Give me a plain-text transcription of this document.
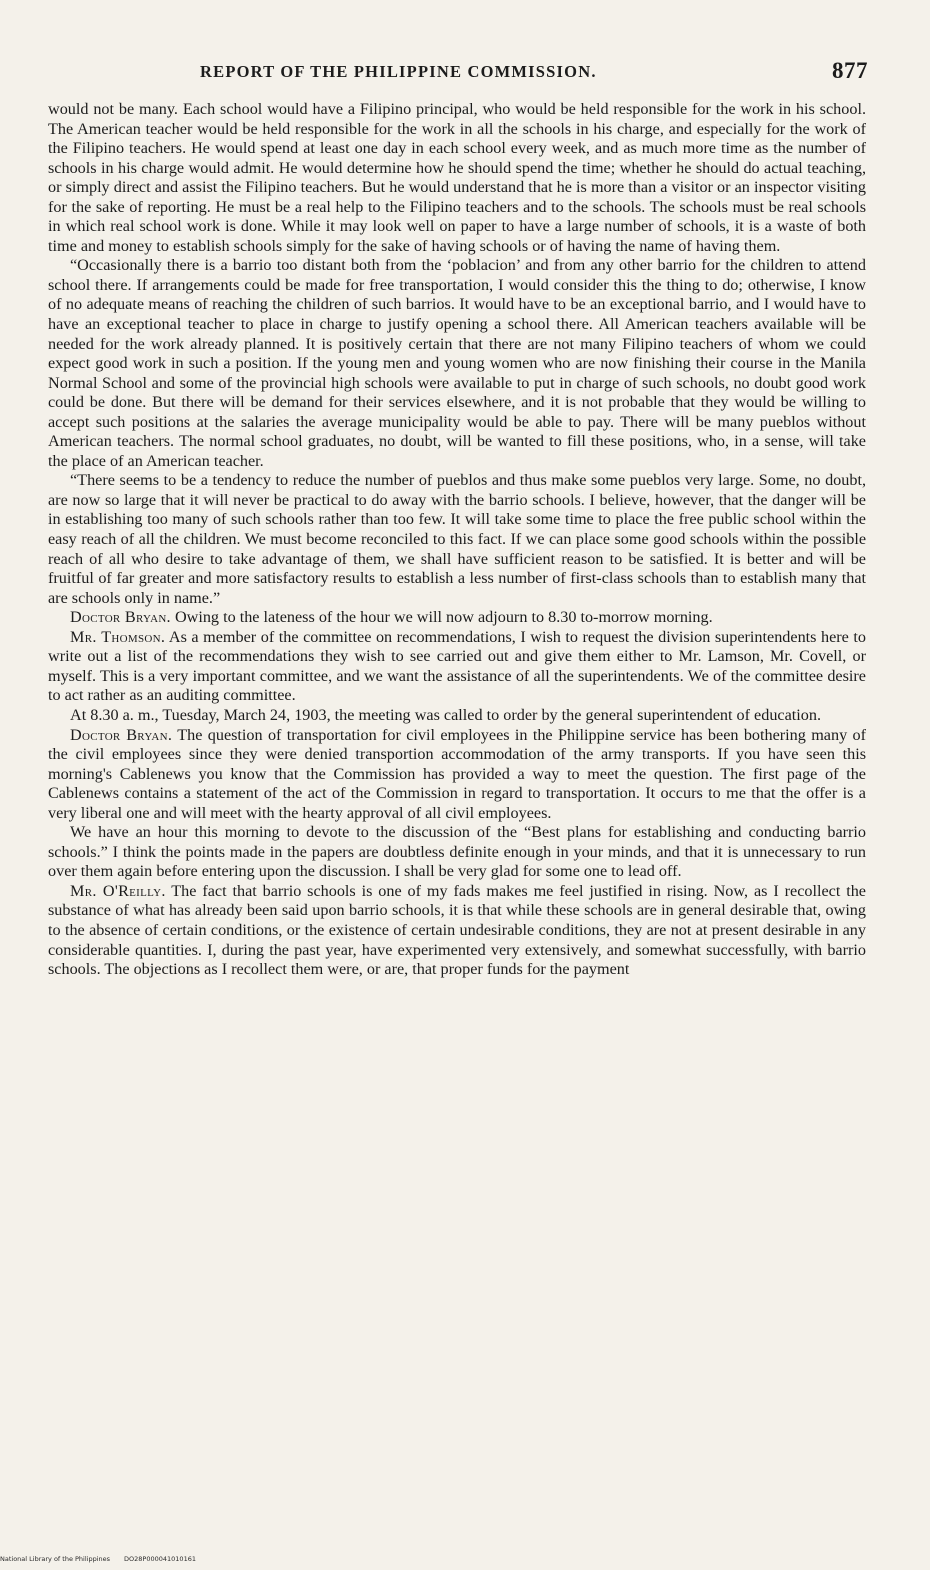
REPORT OF THE PHILIPPINE COMMISSION.	877

would not be many. Each school would have a Filipino principal, who would be held responsible for the work in his school. The American teacher would be held responsible for the work in all the schools in his charge, and especially for the work of the Filipino teachers. He would spend at least one day in each school every week, and as much more time as the number of schools in his charge would admit. He would determine how he should spend the time; whether he should do actual teaching, or simply direct and assist the Filipino teachers. But he would understand that he is more than a visitor or an inspector visiting for the sake of reporting. He must be a real help to the Filipino teachers and to the schools. The schools must be real schools in which real school work is done. While it may look well on paper to have a large number of schools, it is a waste of both time and money to establish schools simply for the sake of having schools or of having the name of having them.

“Occasionally there is a barrio too distant both from the ‘poblacion’ and from any other barrio for the children to attend school there. If arrangements could be made for free transportation, I would consider this the thing to do; otherwise, I know of no adequate means of reaching the children of such barrios. It would have to be an exceptional barrio, and I would have to have an exceptional teacher to place in charge to justify opening a school there. All American teachers available will be needed for the work already planned. It is positively certain that there are not many Filipino teachers of whom we could expect good work in such a position. If the young men and young women who are now finishing their course in the Manila Normal School and some of the provincial high schools were available to put in charge of such schools, no doubt good work could be done. But there will be demand for their services elsewhere, and it is not probable that they would be willing to accept such positions at the salaries the average municipality would be able to pay. There will be many pueblos without American teachers. The normal school graduates, no doubt, will be wanted to fill these positions, who, in a sense, will take the place of an American teacher.

“There seems to be a tendency to reduce the number of pueblos and thus make some pueblos very large. Some, no doubt, are now so large that it will never be practical to do away with the barrio schools. I believe, however, that the danger will be in establishing too many of such schools rather than too few. It will take some time to place the free public school within the easy reach of all the children. We must become reconciled to this fact. If we can place some good schools within the possible reach of all who desire to take advantage of them, we shall have sufficient reason to be satisfied. It is better and will be fruitful of far greater and more satisfactory results to establish a less number of first-class schools than to establish many that are schools only in name.”

Doctor Bryan. Owing to the lateness of the hour we will now adjourn to 8.30 to-morrow morning.

Mr. Thomson. As a member of the committee on recommendations, I wish to request the division superintendents here to write out a list of the recommendations they wish to see carried out and give them either to Mr. Lamson, Mr. Covell, or myself. This is a very important committee, and we want the assistance of all the superintendents. We of the committee desire to act rather as an auditing committee.

At 8.30 a. m., Tuesday, March 24, 1903, the meeting was called to order by the general superintendent of education.

Doctor Bryan. The question of transportation for civil employees in the Philippine service has been bothering many of the civil employees since they were denied transportion accommodation of the army transports. If you have seen this morning's Cablenews you know that the Commission has provided a way to meet the question. The first page of the Cablenews contains a statement of the act of the Commission in regard to transportation. It occurs to me that the offer is a very liberal one and will meet with the hearty approval of all civil employees.

We have an hour this morning to devote to the discussion of the “Best plans for establishing and conducting barrio schools.” I think the points made in the papers are doubtless definite enough in your minds, and that it is unnecessary to run over them again before entering upon the discussion. I shall be very glad for some one to lead off.

Mr. O'Reilly. The fact that barrio schools is one of my fads makes me feel justified in rising. Now, as I recollect the substance of what has already been said upon barrio schools, it is that while these schools are in general desirable that, owing to the absence of certain conditions, or the existence of certain undesirable conditions, they are not at present desirable in any considerable quantities. I, during the past year, have experimented very extensively, and somewhat successfully, with barrio schools. The objections as I recollect them were, or are, that proper funds for the payment

National Library of the Philippines DO28P000041010161
